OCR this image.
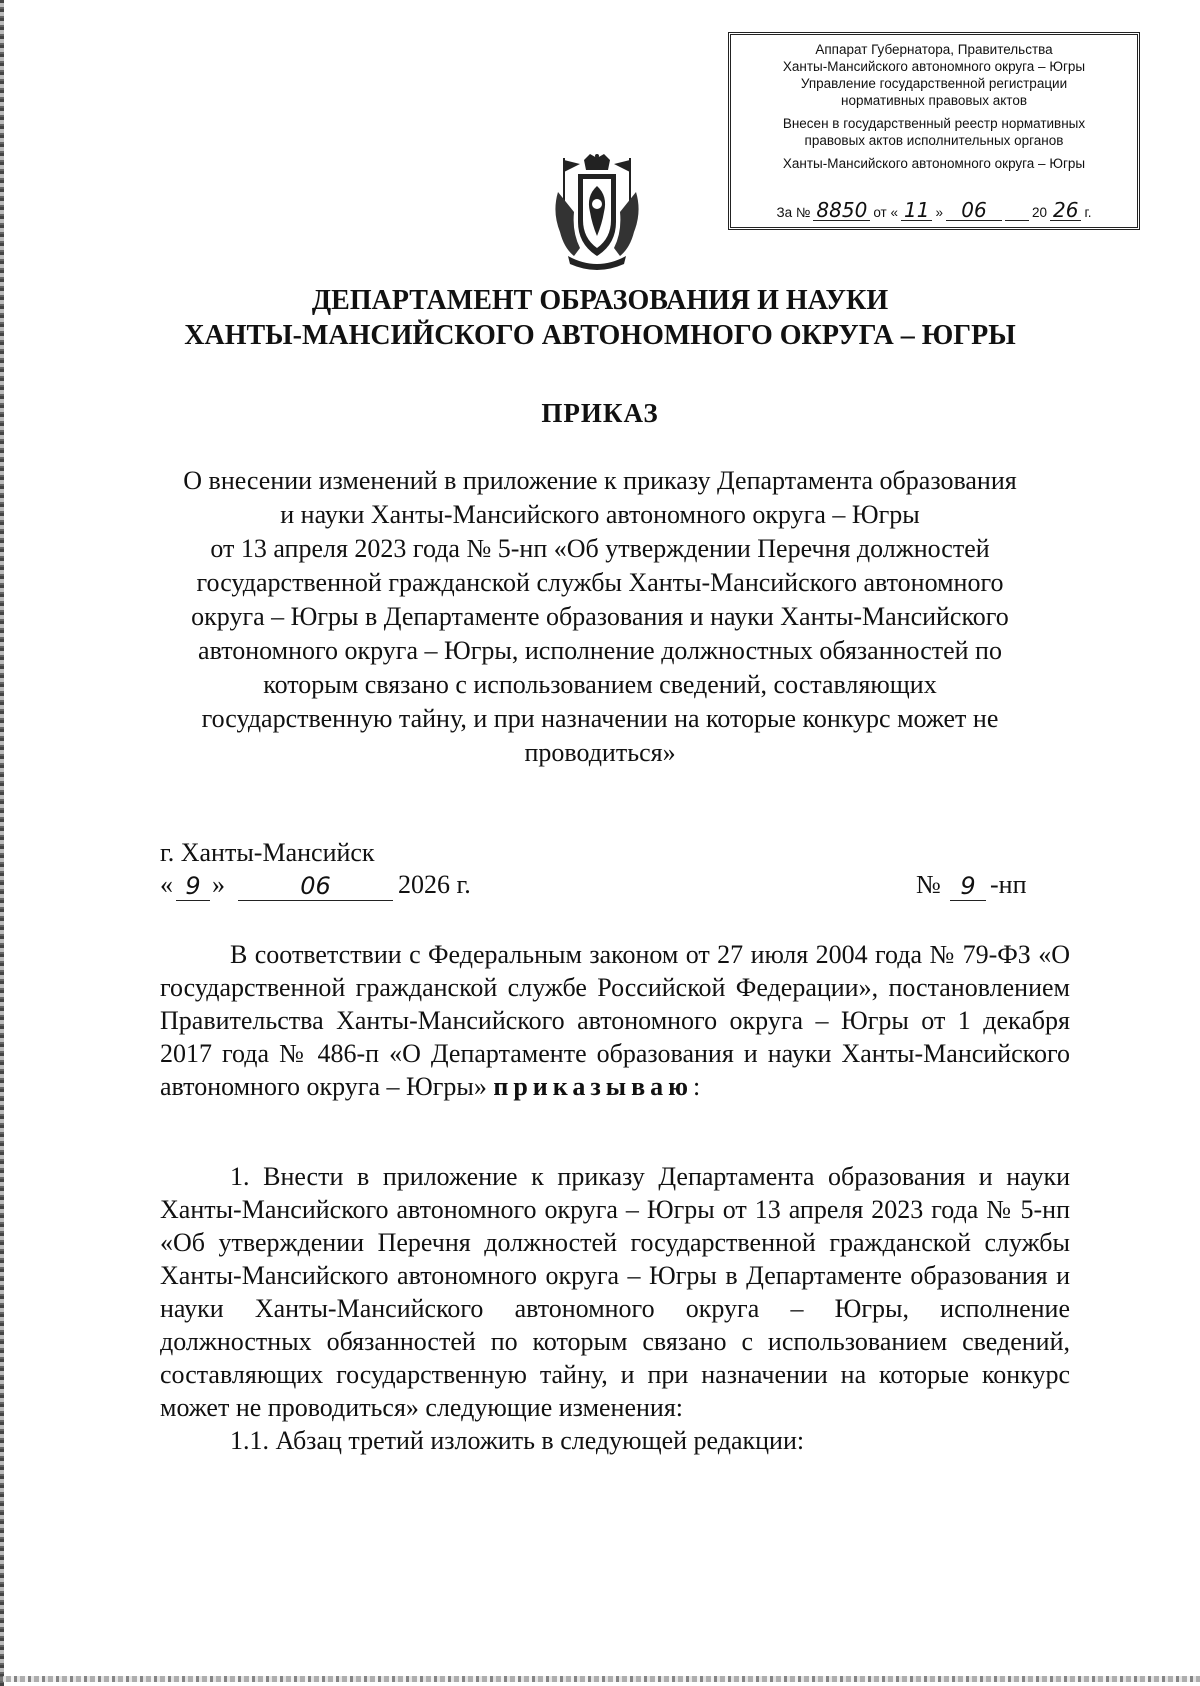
Аппарат Губернатора, Правительства

Ханты-Мансийского автономного округа – Югры

Управление государственной регистрации

нормативных правовых актов

Внесен в государственный реестр нормативных

правовых актов исполнительных органов

Ханты-Мансийского автономного округа – Югры

За № 8850 от « 11 » 06	20 26 г.
ДЕПАРТАМЕНТ ОБРАЗОВАНИЯ И НАУКИ
ХАНТЫ-МАНСИЙСКОГО АВТОНОМНОГО ОКРУГА – ЮГРЫ
ПРИКАЗ
О внесении изменений в приложение к приказу Департамента образования
и науки Ханты-Мансийского автономного округа – Югры
от 13 апреля 2023 года № 5-нп «Об утверждении Перечня должностей
государственной гражданской службы Ханты-Мансийского автономного
округа – Югры в Департаменте образования и науки Ханты-Мансийского
автономного округа – Югры, исполнение должностных обязанностей по
которым связано с использованием сведений, составляющих
государственную тайну, и при назначении на которые конкурс может не
проводиться»
г. Ханты-Мансийск
« 9 »	06	2026 г.	№ 9 -нп

В соответствии с Федеральным законом от 27 июля 2004 года № 79-ФЗ «О государственной гражданской службе Российской Федерации», постановлением Правительства Ханты-Мансийского автономного округа – Югры от 1 декабря 2017 года № 486-п «О Департаменте образования и науки Ханты-Мансийского автономного округа – Югры» приказываю:

1. Внести в приложение к приказу Департамента образования и науки Ханты-Мансийского автономного округа – Югры от 13 апреля 2023 года № 5-нп «Об утверждении Перечня должностей государственной гражданской службы Ханты-Мансийского автономного округа – Югры в Департаменте образования и науки Ханты-Мансийского автономного округа – Югры, исполнение должностных обязанностей по которым связано с использованием сведений, составляющих государственную тайну, и при назначении на которые конкурс может не проводиться» следующие изменения:

1.1. Абзац третий изложить в следующей редакции:
